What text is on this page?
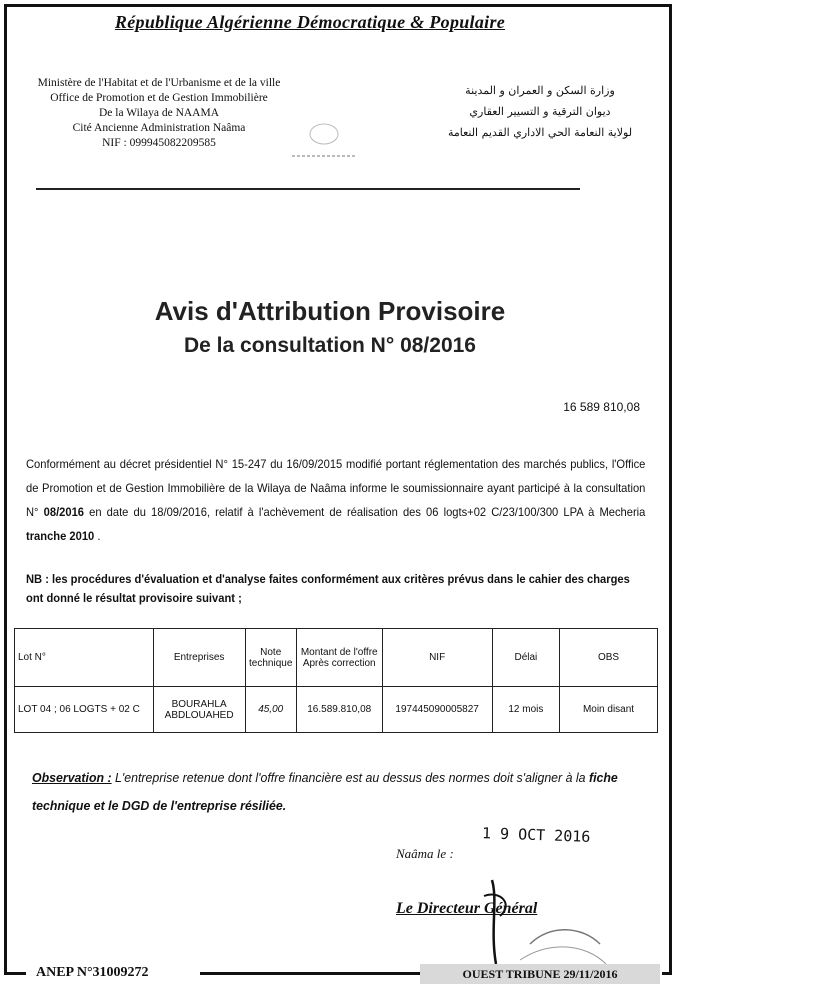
République Algérienne Démocratique & Populaire
Ministère de l'Habitat et de l'Urbanisme et de la ville
Office de Promotion et de Gestion Immobilière
De la Wilaya de NAAMA
Cité Ancienne Administration Naâma
NIF : 099945082209585
وزارة السكن و العمران و المدينة
ديوان الترقية و التسيير العقاري
لولاية النعامة الحي الاداري القديم النعامة
Avis d'Attribution Provisoire
De la consultation N° 08/2016
16 589 810,08
Conformément au décret présidentiel N° 15-247 du 16/09/2015 modifié portant réglementation des marchés publics, l'Office de Promotion et de Gestion Immobilière de la Wilaya de Naâma informe le soumissionnaire ayant participé à la consultation N° 08/2016 en date du 18/09/2016, relatif à l'achèvement de réalisation des 06 logts+02 C/23/100/300 LPA à Mecheria tranche 2010 .
NB : les procédures d'évaluation et d'analyse faites conformément aux critères prévus dans le cahier des charges ont donné le résultat provisoire suivant ;
Lot N°	Entreprises	Note technique	Montant de l'offre Après correction	NIF	Délai	OBS
LOT 04 ; 06 LOGTS + 02 C	BOURAHLA ABDLOUAHED	45,00	16.589.810,08	197445090005827	12 mois	Moin disant
Observation : L'entreprise retenue dont l'offre financière est au dessus des normes doit s'aligner à la fiche technique et le DGD de l'entreprise résiliée.
Naâma le :
1 9 OCT 2016
Le Directeur Général
ANEP N°31009272	OUEST TRIBUNE 29/11/2016
